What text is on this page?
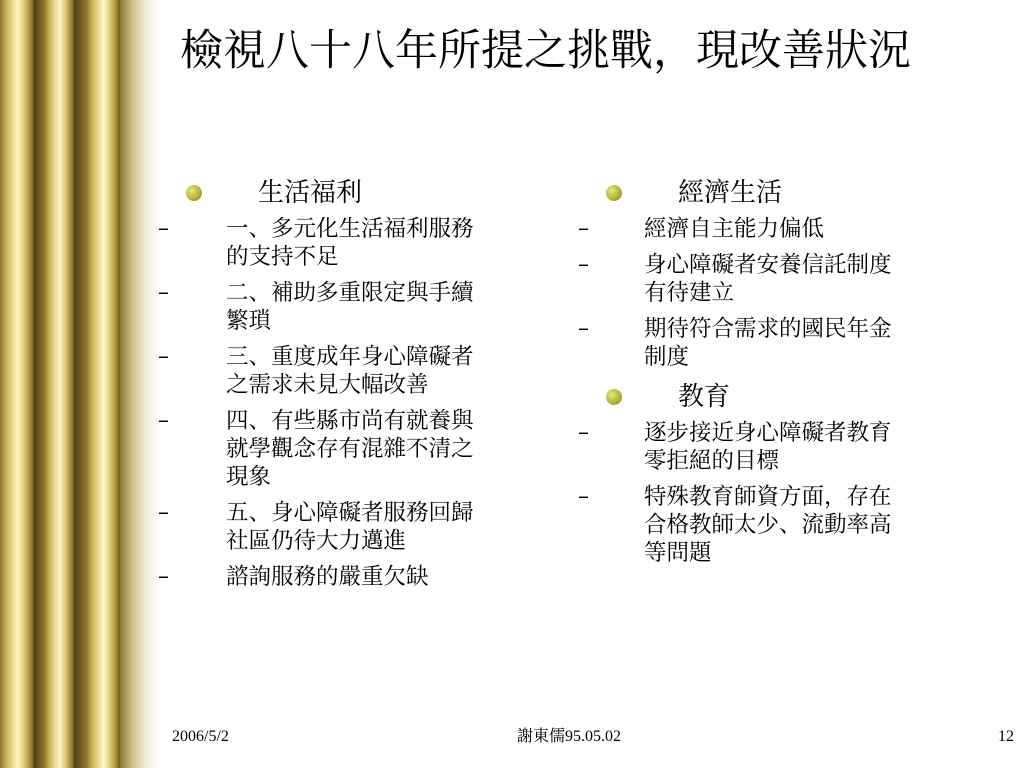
檢視八十八年所提之挑戰，現改善狀況
生活福利
–	一、多元化生活福利服務的支持不足
–	二、補助多重限定與手續繁瑣
–	三、重度成年身心障礙者之需求未見大幅改善
–	四、有些縣市尚有就養與就學觀念存有混雜不清之現象
–	五、身心障礙者服務回歸社區仍待大力邁進
–	諮詢服務的嚴重欠缺
經濟生活
– 經濟自主能力偏低
– 身心障礙者安養信託制度有待建立
– 期待符合需求的國民年金制度
教育
– 逐步接近身心障礙者教育零拒絕的目標
– 特殊教育師資方面，存在合格教師太少、流動率高等問題
2006/5/2	謝東儒95.05.02	12
